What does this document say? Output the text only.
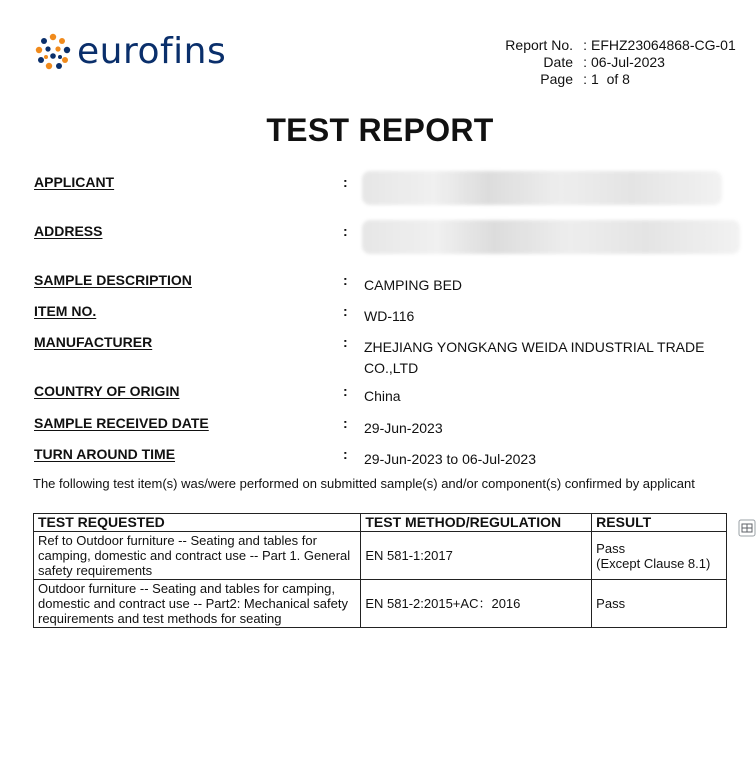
eurofins	Report No. : EFHZ23064868-CG-01
Date : 06-Jul-2023
Page : 1  of 8
TEST REPORT
APPLICANT	:
ADDRESS	:
SAMPLE DESCRIPTION	: CAMPING BED
ITEM NO.	: WD-116
MANUFACTURER	: ZHEJIANG YONGKANG WEIDA INDUSTRIAL TRADE CO.,LTD
COUNTRY OF ORIGIN	: China
SAMPLE RECEIVED DATE	: 29-Jun-2023
TURN AROUND TIME	: 29-Jun-2023 to 06-Jul-2023
The following test item(s) was/were performed on submitted sample(s) and/or component(s) confirmed by applicant
TEST REQUESTED	TEST METHOD/REGULATION	RESULT
Ref to Outdoor furniture -- Seating and tables for camping, domestic and contract use -- Part 1. General safety requirements	EN 581-1:2017	Pass
(Except Clause 8.1)

Outdoor furniture -- Seating and tables for camping, domestic and contract use -- Part2: Mechanical safety requirements and test methods for seating	EN 581-2:2015+AC：2016	Pass
